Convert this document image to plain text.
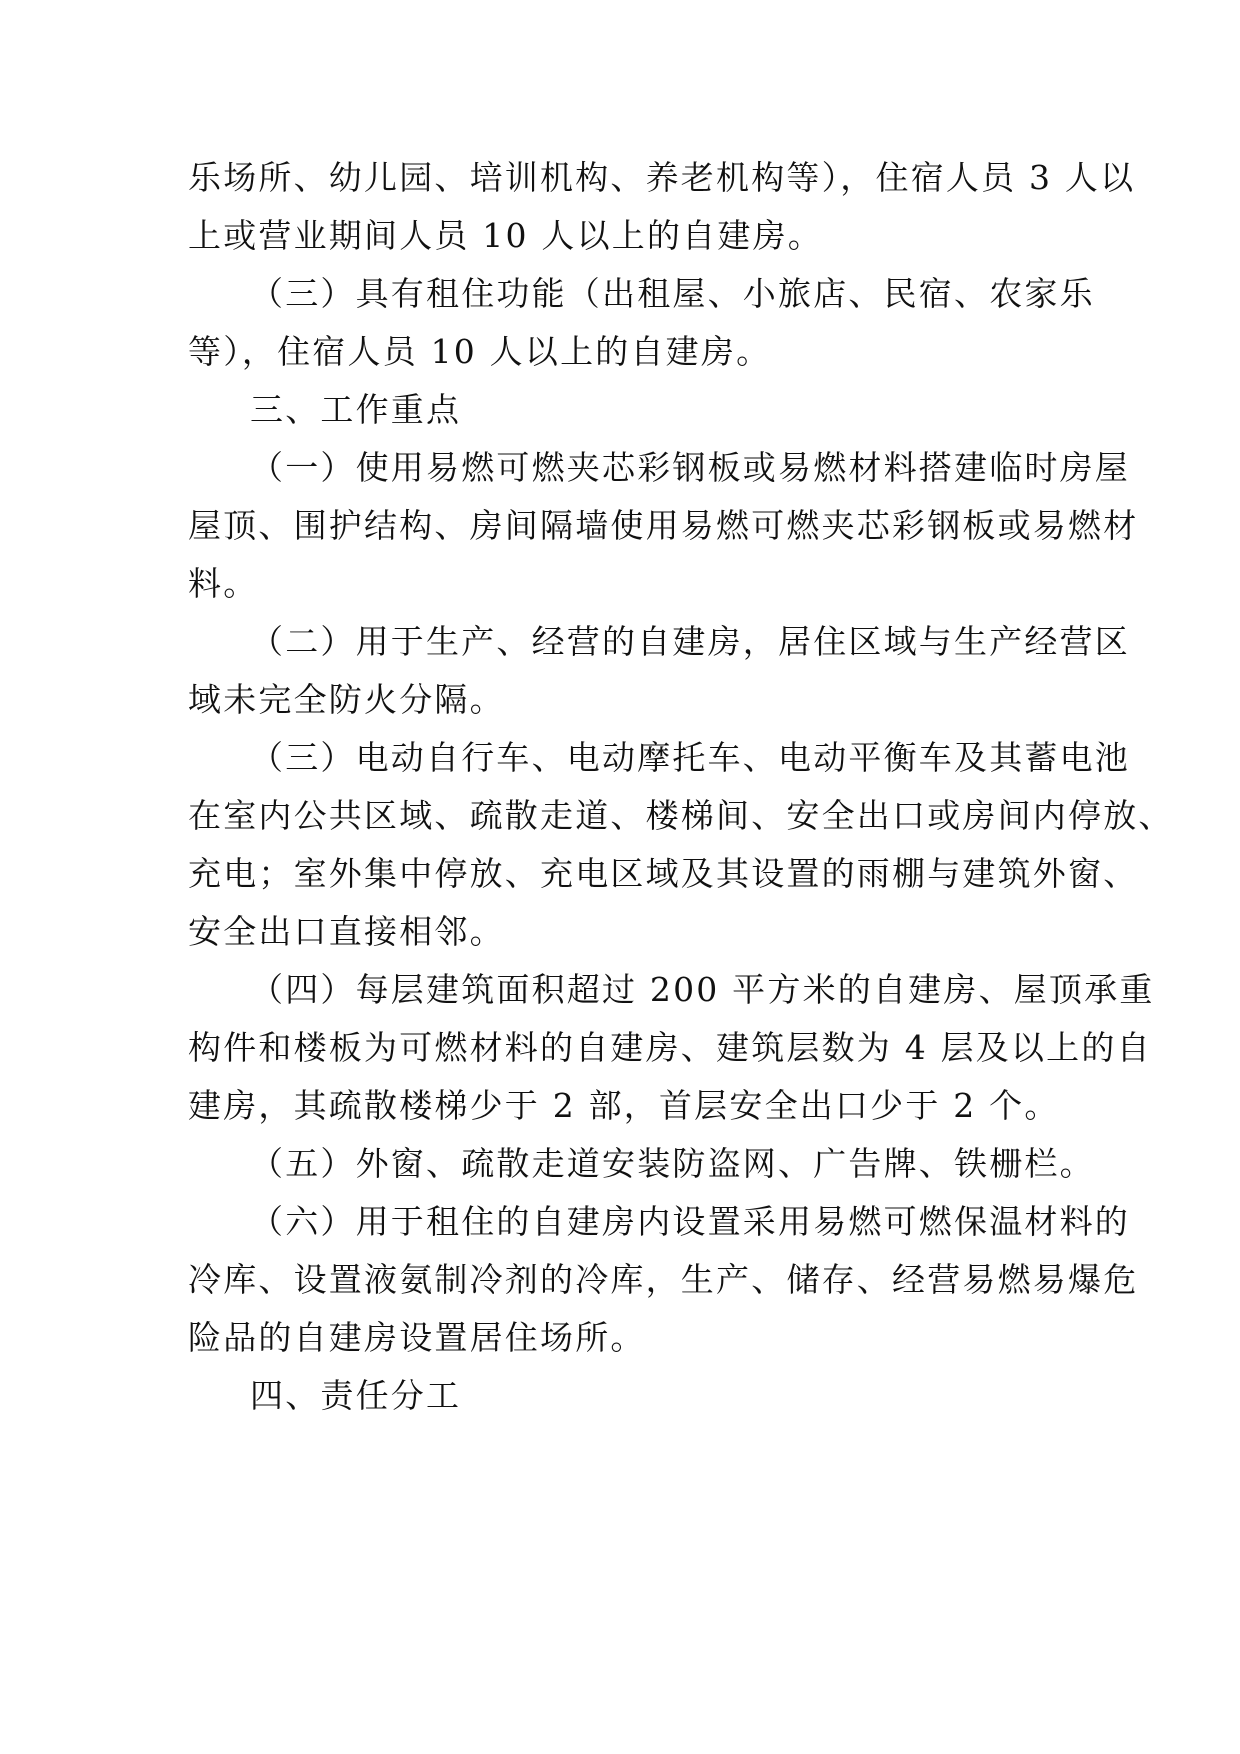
乐场所、幼儿园、培训机构、养老机构等），住宿人员 3 人以
上或营业期间人员 10 人以上的自建房。
（三）具有租住功能（出租屋、小旅店、民宿、农家乐
等），住宿人员 10 人以上的自建房。
三、工作重点
（一）使用易燃可燃夹芯彩钢板或易燃材料搭建临时房屋
屋顶、围护结构、房间隔墙使用易燃可燃夹芯彩钢板或易燃材
料。
（二）用于生产、经营的自建房，居住区域与生产经营区
域未完全防火分隔。
（三）电动自行车、电动摩托车、电动平衡车及其蓄电池
在室内公共区域、疏散走道、楼梯间、安全出口或房间内停放、
充电；室外集中停放、充电区域及其设置的雨棚与建筑外窗、
安全出口直接相邻。
（四）每层建筑面积超过 200 平方米的自建房、屋顶承重
构件和楼板为可燃材料的自建房、建筑层数为 4 层及以上的自
建房，其疏散楼梯少于 2 部，首层安全出口少于 2 个。
（五）外窗、疏散走道安装防盗网、广告牌、铁栅栏。
（六）用于租住的自建房内设置采用易燃可燃保温材料的
冷库、设置液氨制冷剂的冷库，生产、储存、经营易燃易爆危
险品的自建房设置居住场所。
四、责任分工
